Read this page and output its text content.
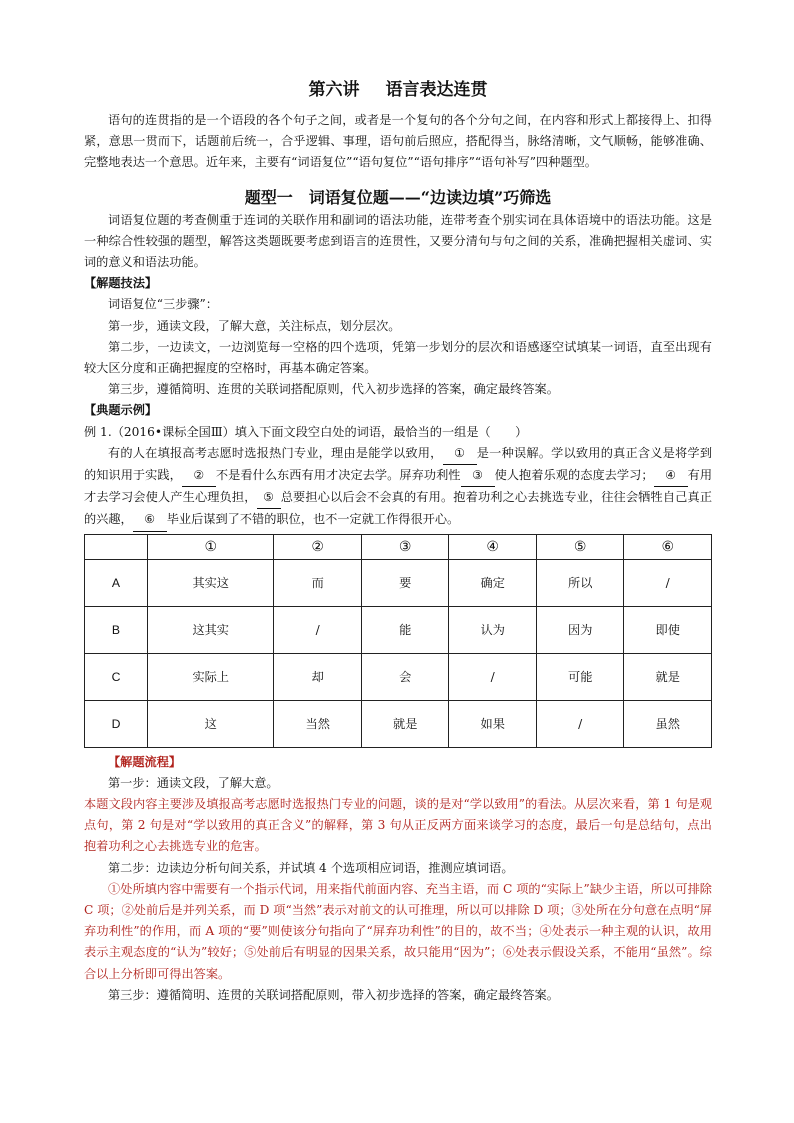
第六讲 语言表达连贯

语句的连贯指的是一个语段的各个句子之间，或者是一个复句的各个分句之间，在内容和形式上都接得上、扣得紧，意思一贯而下，话题前后统一，合乎逻辑、事理，语句前后照应，搭配得当，脉络清晰，文气顺畅，能够准确、完整地表达一个意思。近年来，主要有“词语复位”“语句复位”“语句排序”“语句补写”四种题型。

题型一　词语复位题——“边读边填”巧筛选

词语复位题的考查侧重于连词的关联作用和副词的语法功能，连带考查个别实词在具体语境中的语法功能。这是一种综合性较强的题型，解答这类题既要考虑到语言的连贯性，又要分清句与句之间的关系，准确把握相关虚词、实词的意义和语法功能。

【解题技法】

词语复位“三步骤”：

第一步，通读文段，了解大意，关注标点，划分层次。

第二步，一边读文，一边浏览每一空格的四个选项，凭第一步划分的层次和语感逐空试填某一词语，直至出现有较大区分度和正确把握度的空格时，再基本确定答案。

第三步，遵循简明、连贯的关联词搭配原则，代入初步选择的答案，确定最终答案。

【典题示例】

例 1.（2016•课标全国Ⅲ）填入下面文段空白处的词语，最恰当的一组是（　　）

有的人在填报高考志愿时选报热门专业，理由是能学以致用， ① 是一种误解。学以致用的真正含义是将学到的知识用于实践， ② 不是看什么东西有用才决定去学。屏弃功利性 ③ 使人抱着乐观的态度去学习； ④ 有用才去学习会使人产生心理负担， ⑤ 总要担心以后会不会真的有用。抱着功利之心去挑选专业，往往会牺牲自己真正的兴趣， ⑥ 毕业后谋到了不错的职位，也不一定就工作得很开心。

	①	②	③	④	⑤	⑥
A	其实这	而	要	确定	所以	/
B	这其实	/	能	认为	因为	即使
C	实际上	却	会	/	可能	就是
D	这	当然	就是	如果	/	虽然

【解题流程】

第一步：通读文段，了解大意。

本题文段内容主要涉及填报高考志愿时选报热门专业的问题，谈的是对“学以致用”的看法。从层次来看，第 1 句是观点句，第 2 句是对“学以致用的真正含义”的解释，第 3 句从正反两方面来谈学习的态度，最后一句是总结句，点出抱着功利之心去挑选专业的危害。

第二步：边读边分析句间关系，并试填 4 个选项相应词语，推测应填词语。

①处所填内容中需要有一个指示代词，用来指代前面内容、充当主语，而 C 项的“实际上”缺少主语，所以可排除 C 项；②处前后是并列关系，而 D 项“当然”表示对前文的认可推理，所以可以排除 D 项；③处所在分句意在点明“屏弃功利性”的作用，而 A 项的“要”则使该分句指向了“屏弃功利性”的目的，故不当；④处表示一种主观的认识，故用表示主观态度的“认为”较好；⑤处前后有明显的因果关系，故只能用“因为”；⑥处表示假设关系，不能用“虽然”。综合以上分析即可得出答案。

第三步：遵循简明、连贯的关联词搭配原则，带入初步选择的答案，确定最终答案。
